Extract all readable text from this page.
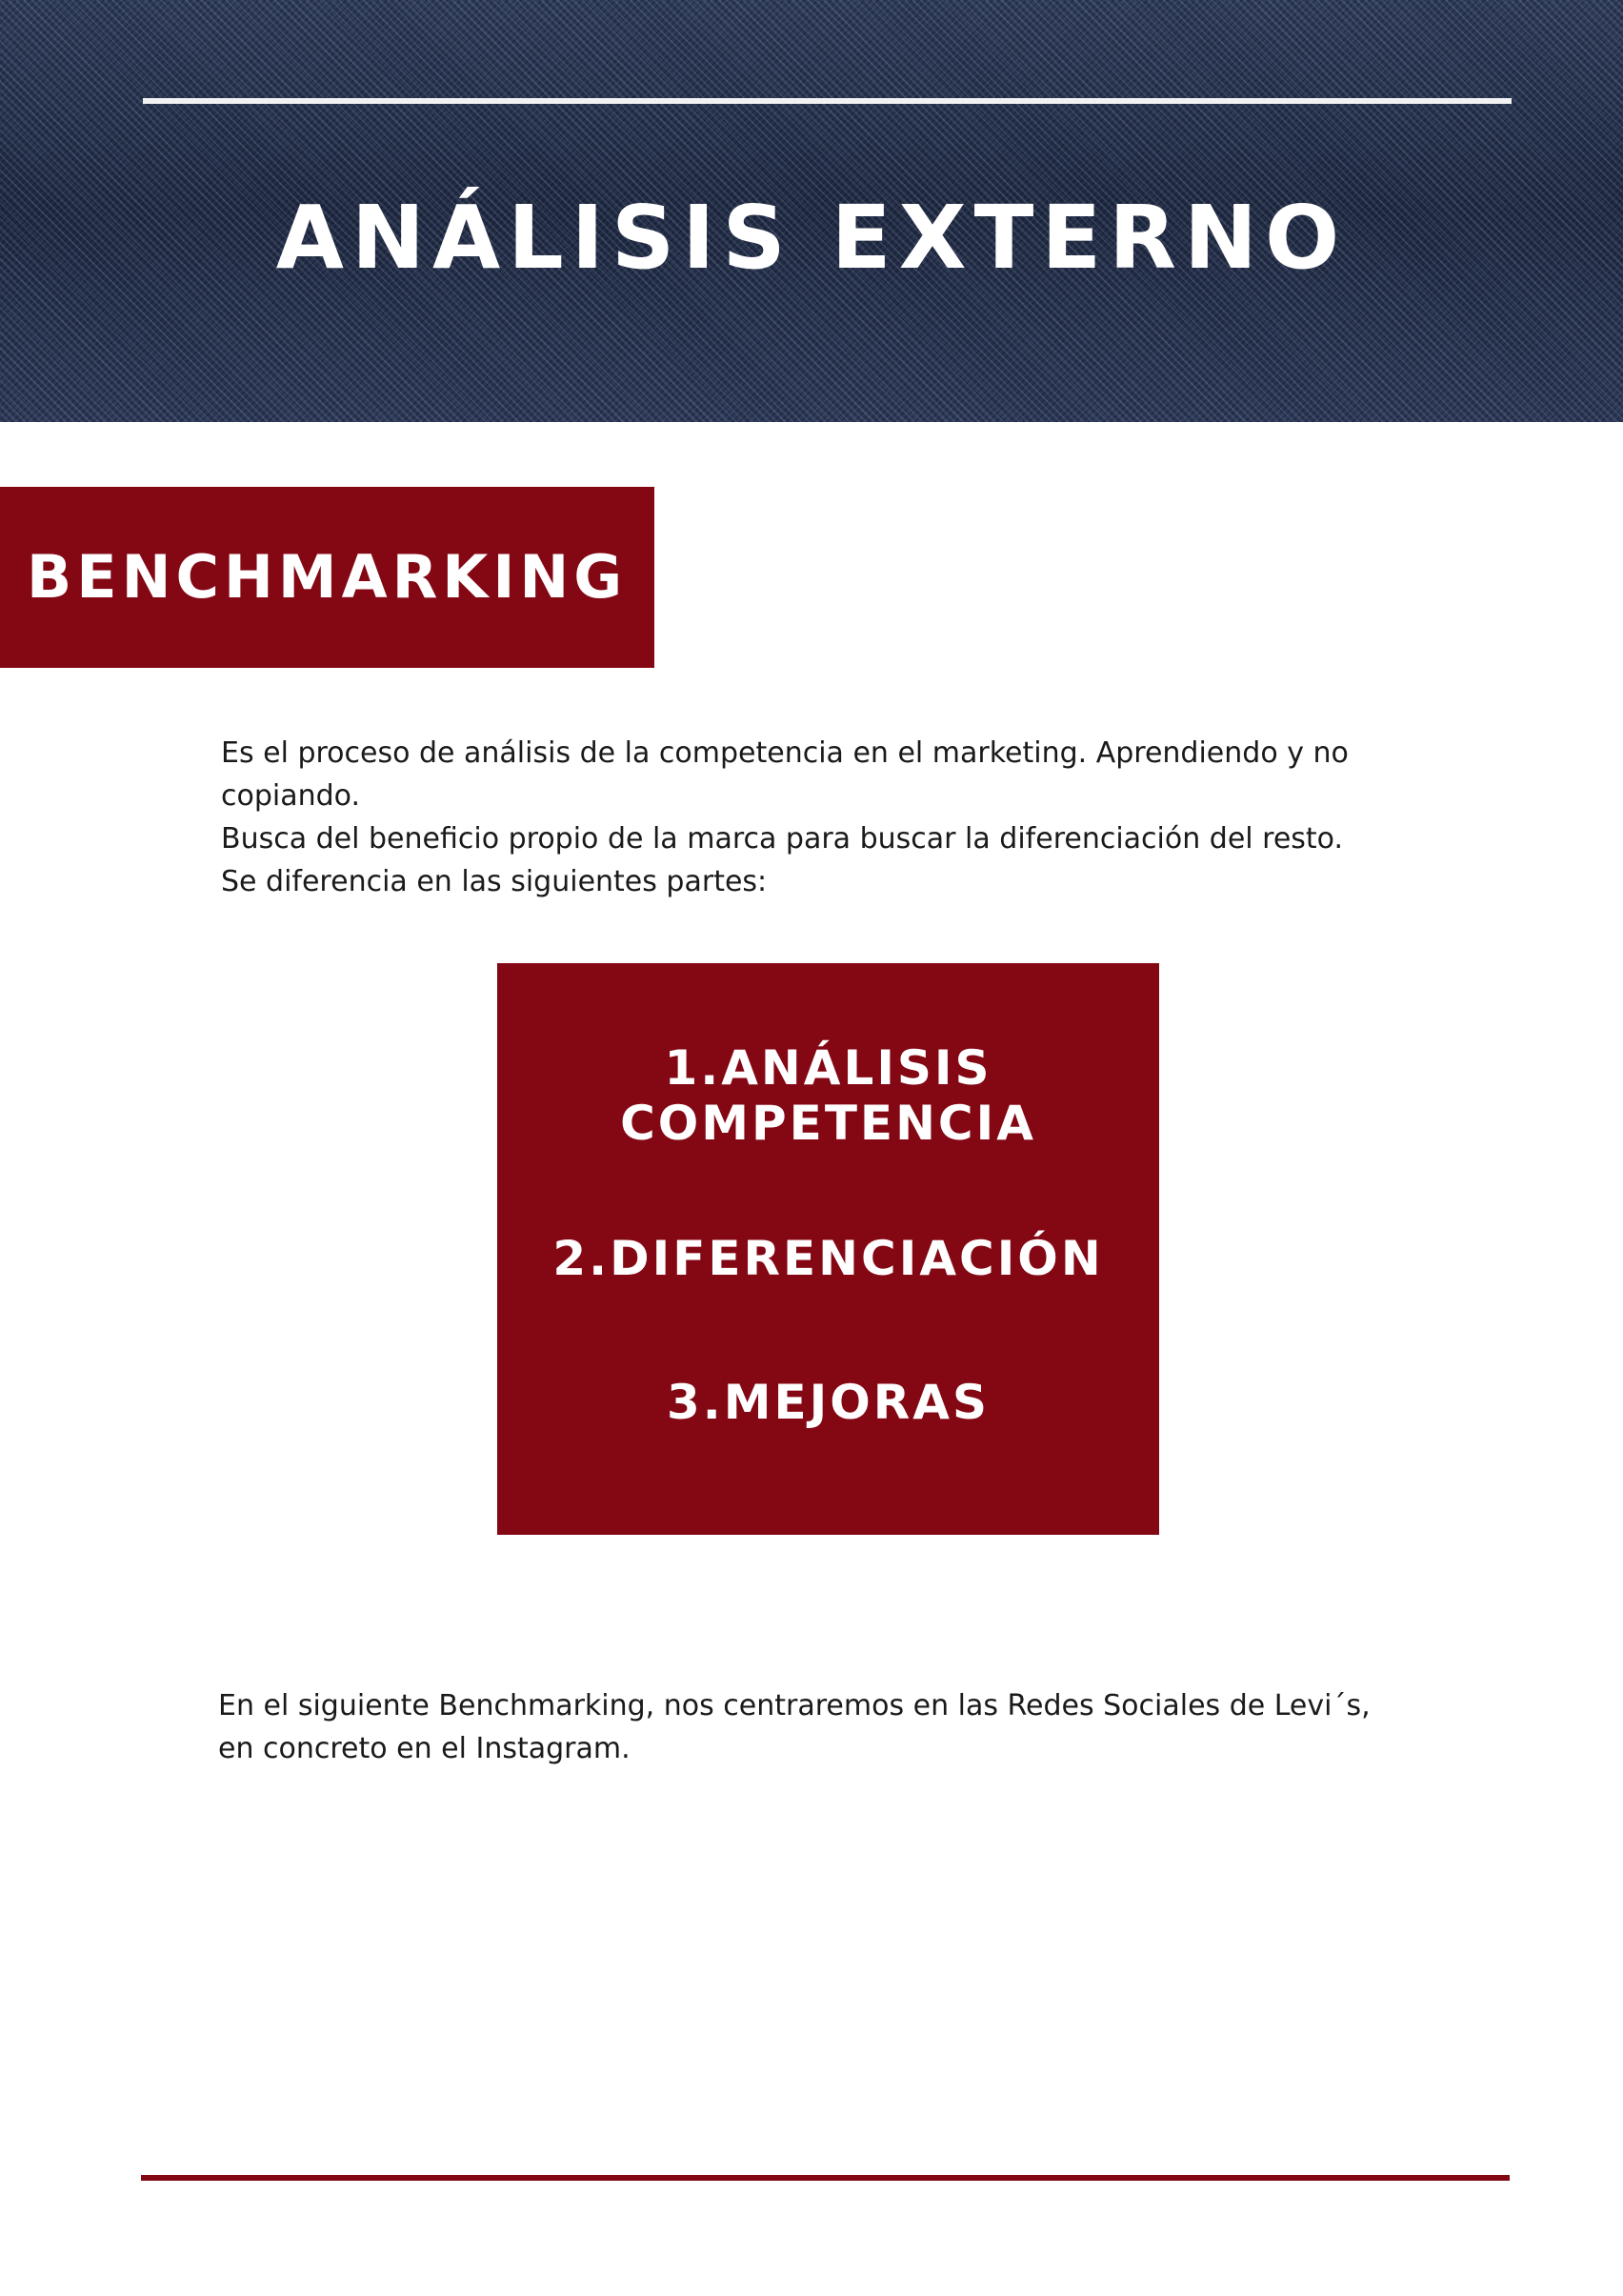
ANÁLISIS EXTERNO
BENCHMARKING

Es el proceso de análisis de la competencia en el marketing. Aprendiendo y no
copiando.
Busca del beneficio propio de la marca para buscar la diferenciación del resto.
Se diferencia en las siguientes partes:

1.ANÁLISIS
COMPETENCIA
2.DIFERENCIACIÓN
3.MEJORAS

En el siguiente Benchmarking, nos centraremos en las Redes Sociales de Levi´s,
en concreto en el Instagram.
